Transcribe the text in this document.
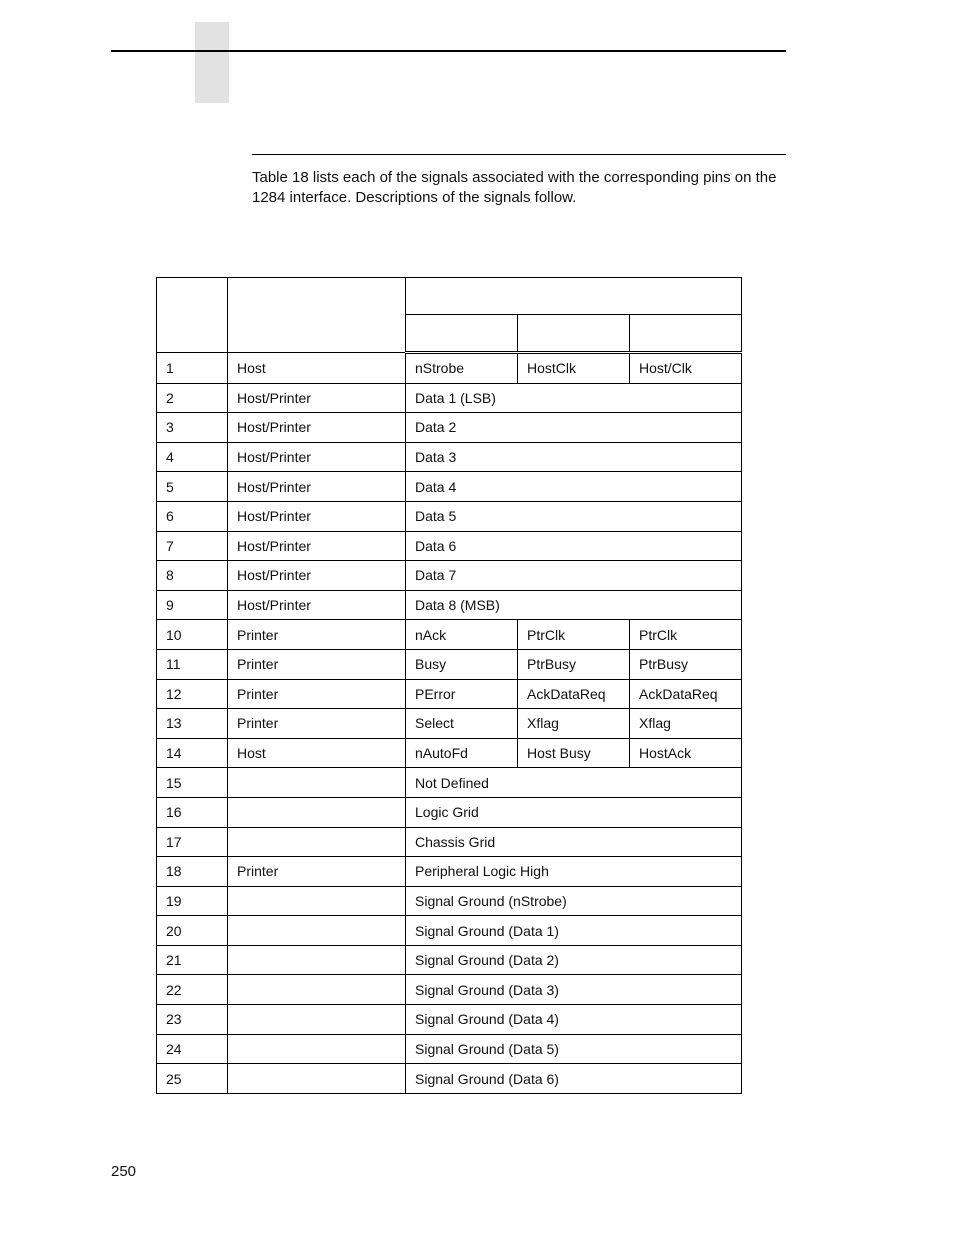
Table 18 lists each of the signals associated with the corresponding pins on the 1284 interface. Descriptions of the signals follow.

1	Host	nStrobe	HostClk	Host/Clk
2	Host/Printer	Data 1 (LSB)		
3	Host/Printer	Data 2		
4	Host/Printer	Data 3		
5	Host/Printer	Data 4		
6	Host/Printer	Data 5		
7	Host/Printer	Data 6		
8	Host/Printer	Data 7		
9	Host/Printer	Data 8 (MSB)		
10	Printer	nAck	PtrClk	PtrClk
11	Printer	Busy	PtrBusy	PtrBusy
12	Printer	PError	AckDataReq	AckDataReq
13	Printer	Select	Xflag	Xflag
14	Host	nAutoFd	Host Busy	HostAck
15		Not Defined		
16		Logic Grid		
17		Chassis Grid		
18	Printer	Peripheral Logic High		
19		Signal Ground (nStrobe)		
20		Signal Ground (Data 1)		
21		Signal Ground (Data 2)		
22		Signal Ground (Data 3)		
23		Signal Ground (Data 4)		
24		Signal Ground (Data 5)		
25		Signal Ground (Data 6)		
250
